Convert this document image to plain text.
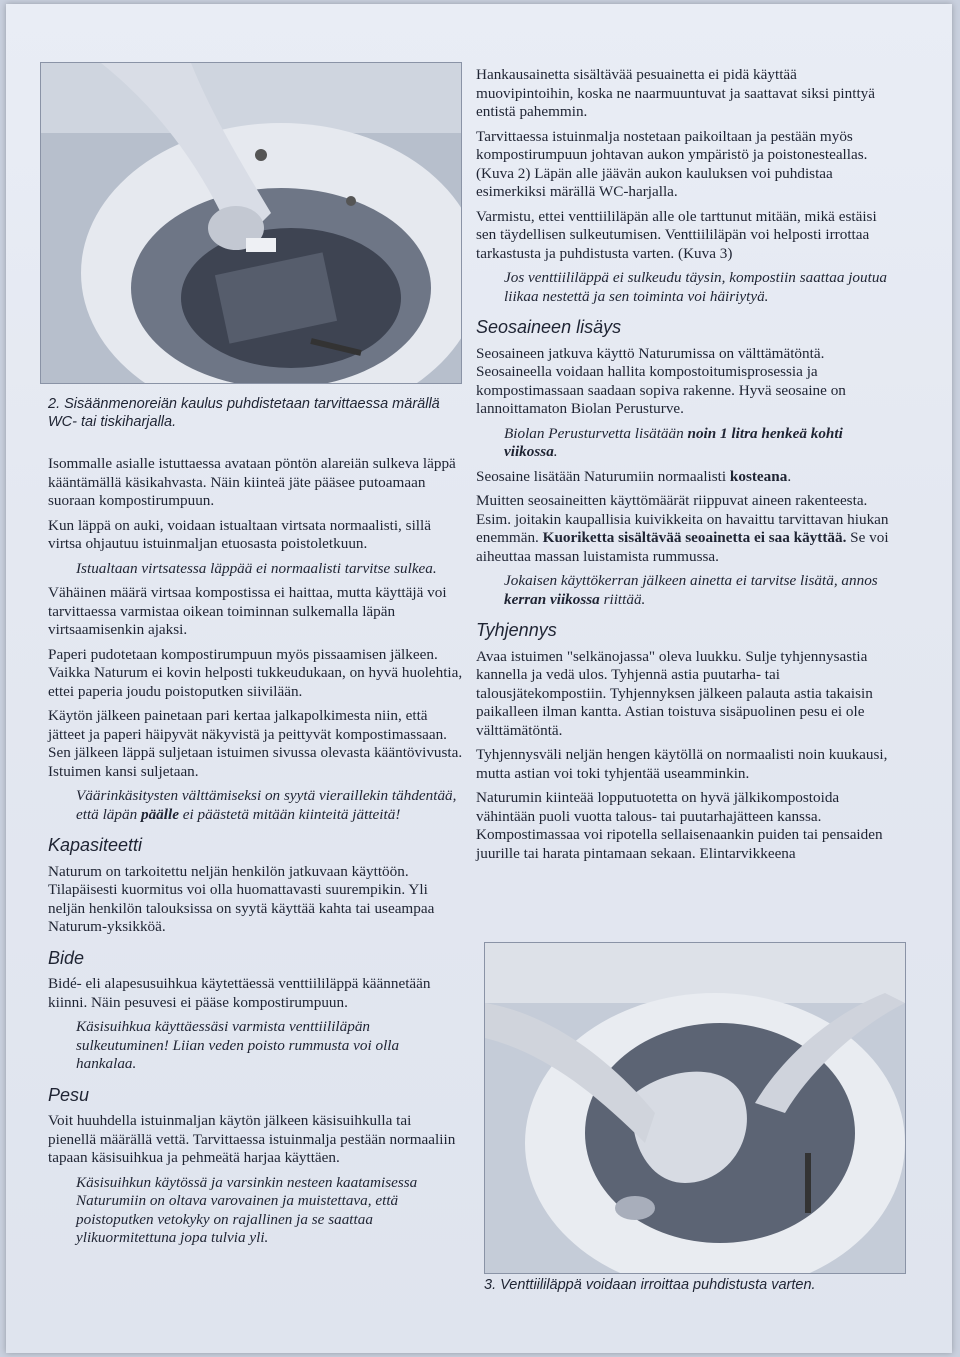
2. Sisäänmenoreiän kaulus puhdistetaan tarvittaessa märällä WC- tai tiskiharjalla.

Isommalle asialle istuttaessa avataan pöntön alareiän sulkeva läppä kääntämällä käsikahvasta. Näin kiinteä jäte pääsee putoamaan suoraan kompostirumpuun.

Kun läppä on auki, voidaan istualtaan virtsata normaalisti, sillä virtsa ohjautuu istuinmaljan etuosasta poistoletkuun.

Istualtaan virtsatessa läppää ei normaalisti tarvitse sulkea.

Vähäinen määrä virtsaa kompostissa ei haittaa, mutta käyttäjä voi tarvittaessa varmistaa oikean toiminnan sulkemalla läpän virtsaamisenkin ajaksi.

Paperi pudotetaan kompostirumpuun myös pissaamisen jälkeen. Vaikka Naturum ei kovin helposti tukkeudukaan, on hyvä huolehtia, ettei paperia joudu poistoputken siivilään.

Käytön jälkeen painetaan pari kertaa jalkapolkimesta niin, että jätteet ja paperi häipyvät näkyvistä ja peittyvät kompostimassaan. Sen jälkeen läppä suljetaan istuimen sivussa olevasta kääntövivusta. Istuimen kansi suljetaan.

Väärinkäsitysten välttämiseksi on syytä vieraillekin tähdentää, että läpän päälle ei päästetä mitään kiinteitä jätteitä!

Kapasiteetti

Naturum on tarkoitettu neljän henkilön jatkuvaan käyttöön. Tilapäisesti kuormitus voi olla huomattavasti suurempikin. Yli neljän henkilön talouksissa on syytä käyttää kahta tai useampaa Naturum-yksikköä.

Bide

Bidé- eli alapesusuihkua käytettäessä venttiililäppä käännetään kiinni. Näin pesuvesi ei pääse kompostirumpuun.

Käsisuihkua käyttäessäsi varmista venttiililäpän sulkeutuminen! Liian veden poisto rummusta voi olla hankalaa.

Pesu

Voit huuhdella istuinmaljan käytön jälkeen käsisuihkulla tai pienellä määrällä vettä. Tarvittaessa istuinmalja pestään normaaliin tapaan käsisuihkua ja pehmeätä harjaa käyttäen.

Käsisuihkun käytössä ja varsinkin nesteen kaatamisessa Naturumiin on oltava varovainen ja muistettava, että poistoputken vetokyky on rajallinen ja se saattaa ylikuormitettuna jopa tulvia yli.

Hankausainetta sisältävää pesuainetta ei pidä käyttää muovipintoihin, koska ne naarmuuntuvat ja saattavat siksi pinttyä entistä pahemmin.

Tarvittaessa istuinmalja nostetaan paikoiltaan ja pestään myös kompostirumpuun johtavan aukon ympäristö ja poistonesteallas. (Kuva 2) Läpän alle jäävän aukon kauluksen voi puhdistaa esimerkiksi märällä WC-harjalla.

Varmistu, ettei venttiililäpän alle ole tarttunut mitään, mikä estäisi sen täydellisen sulkeutumisen. Venttiililäpän voi helposti irrottaa tarkastusta ja puhdistusta varten. (Kuva 3)

Jos venttiililäppä ei sulkeudu täysin, kompostiin saattaa joutua liikaa nestettä ja sen toiminta voi häiriytyä.

Seosaineen lisäys

Seosaineen jatkuva käyttö Naturumissa on välttämätöntä. Seosaineella voidaan hallita kompostoitumisprosessia ja kompostimassaan saadaan sopiva rakenne. Hyvä seosaine on lannoittamaton Biolan Perusturve.

Biolan Perusturvetta lisätään noin 1 litra henkeä kohti viikossa.

Seosaine lisätään Naturumiin normaalisti kosteana.

Muitten seosaineitten käyttömäärät riippuvat aineen rakenteesta. Esim. joitakin kaupallisia kuivikkeita on havaittu tarvittavan hiukan enemmän. Kuoriketta sisältävää seoainetta ei saa käyttää. Se voi aiheuttaa massan luistamista rummussa.

Jokaisen käyttökerran jälkeen ainetta ei tarvitse lisätä, annos kerran viikossa riittää.

Tyhjennys

Avaa istuimen "selkänojassa" oleva luukku. Sulje tyhjennysastia kannella ja vedä ulos. Tyhjennä astia puutarha- tai talousjätekompostiin. Tyhjennyksen jälkeen palauta astia takaisin paikalleen ilman kantta. Astian toistuva sisäpuolinen pesu ei ole välttämätöntä.

Tyhjennysväli neljän hengen käytöllä on normaalisti noin kuukausi, mutta astian voi toki tyhjentää useamminkin.

Naturumin kiinteää lopputuotetta on hyvä jälkikompostoida vähintään puoli vuotta talous- tai puutarhajätteen kanssa. Kompostimassaa voi ripotella sellaisenaankin puiden tai pensaiden juurille tai harata pintamaan sekaan. Elintarvikkeena

3. Venttiililäppä voidaan irroittaa puhdistusta varten.
